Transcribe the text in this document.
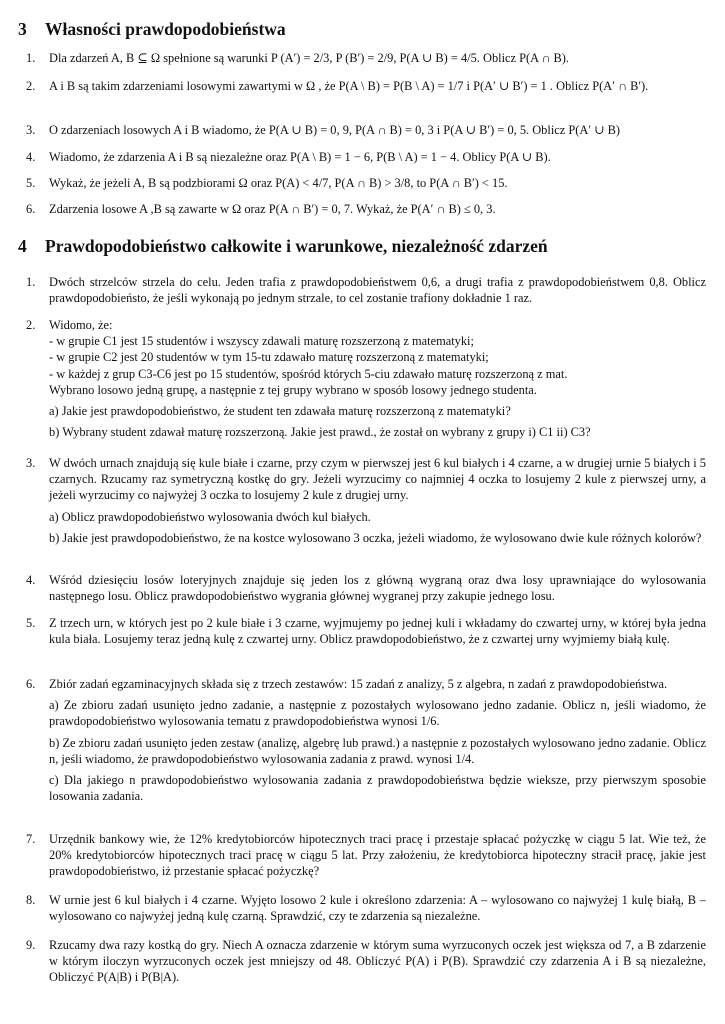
3 Własności prawdopodobieństwa
1.	Dla zdarzeń A, B ⊆ Ω spełnione są warunki P (A′) = 2/3, P (B′) = 2/9, P(A ∪ B) = 4/5. Oblicz P(A ∩ B).

2.	A i B są takim zdarzeniami losowymi zawartymi w Ω , że P(A \ B) = P(B \ A) = 1/7 i P(A′ ∪ B′) = 1 . Oblicz P(A′ ∩ B′).

3.	O zdarzeniach losowych A i B wiadomo, że P(A ∪ B) = 0, 9, P(A ∩ B) = 0, 3 i P(A ∪ B′) = 0, 5. Oblicz P(A′ ∪ B)

4.	Wiadomo, że zdarzenia A i B są niezależne oraz P(A \ B) = 1 − 6, P(B \ A) = 1 − 4. Oblicy P(A ∪ B).

5.	Wykaż, że jeżeli A, B są podzbiorami Ω oraz P(A) < 4/7, P(A ∩ B) > 3/8, to P(A ∩ B′) < 15.

6.	Zdarzenia losowe A ,B są zawarte w Ω oraz P(A ∩ B′) = 0, 7. Wykaż, że P(A′ ∩ B) ≤ 0, 3.

4 Prawdopodobieństwo całkowite i warunkowe, niezależność zdarzeń
1.	Dwóch strzelców strzela do celu. Jeden trafia z prawdopodobieństwem 0,6, a drugi trafia z prawdopodobieństwem 0,8. Oblicz prawdopodobieństo, że jeśli wykonają po jednym strzale, to cel zostanie trafiony dokładnie 1 raz.

2.	Widomo, że:
- w grupie C1 jest 15 studentów i wszyscy zdawali maturę rozszerzoną z matematyki;
- w grupie C2 jest 20 studentów w tym 15-tu zdawało maturę rozszerzoną z matematyki;
- w każdej z grup C3-C6 jest po 15 studentów, spośród których 5-ciu zdawało maturę rozszerzoną z mat.
Wybrano losowo jedną grupę, a następnie z tej grupy wybrano w sposób losowy jednego studenta.

a) Jakie jest prawdopodobieństwo, że student ten zdawała maturę rozszerzoną z matematyki?

b) Wybrany student zdawał maturę rozszerzoną. Jakie jest prawd., że został on wybrany z grupy i) C1 ii) C3?

3.	W dwóch urnach znajdują się kule białe i czarne, przy czym w pierwszej jest 6 kul białych i 4 czarne, a w drugiej urnie 5 białych i 5 czarnych. Rzucamy raz symetryczną kostkę do gry. Jeżeli wyrzucimy co najmniej 4 oczka to losujemy 2 kule z pierwszej urny, a jeżeli wyrzucimy co najwyżej 3 oczka to losujemy 2 kule z drugiej urny.

a) Oblicz prawdopodobieństwo wylosowania dwóch kul białych.

b) Jakie jest prawdopodobieństwo, że na kostce wylosowano 3 oczka, jeżeli wiadomo, że wylosowano dwie kule różnych kolorów?

4.	Wśród dziesięciu losów loteryjnych znajduje się jeden los z główną wygraną oraz dwa losy uprawniające do wylosowania następnego losu. Oblicz prawdopodobieństwo wygrania głównej wygranej przy zakupie jednego losu.

5.	Z trzech urn, w których jest po 2 kule białe i 3 czarne, wyjmujemy po jednej kuli i wkładamy do czwartej urny, w której była jedna kula biała. Losujemy teraz jedną kulę z czwartej urny. Oblicz prawdopodobieństwo, że z czwartej urny wyjmiemy białą kulę.

6.	Zbiór zadań egzaminacyjnych składa się z trzech zestawów: 15 zadań z analizy, 5 z algebra, n zadań z prawdopodobieństwa.

a) Ze zbioru zadań usunięto jedno zadanie, a następnie z pozostałych wylosowano jedno zadanie. Oblicz n, jeśli wiadomo, że prawdopodobieństwo wylosowania tematu z prawdopodobieństwa wynosi 1/6.

b) Ze zbioru zadań usunięto jeden zestaw (analizę, algebrę lub prawd.) a następnie z pozostałych wylosowano jedno zadanie. Oblicz n, jeśli wiadomo, że prawdopodobieństwo wylosowania zadania z prawd. wynosi 1/4.

c) Dla jakiego n prawdopodobieństwo wylosowania zadania z prawdopodobieństwa będzie wieksze, przy pierwszym sposobie losowania zadania.

7.	Urzędnik bankowy wie, że 12% kredytobiorców hipotecznych traci pracę i przestaje spłacać pożyczkę w ciągu 5 lat. Wie też, że 20% kredytobiorców hipotecznych traci pracę w ciągu 5 lat. Przy założeniu, że kredytobiorca hipoteczny stracił pracę, jakie jest prawdopodobieństwo, iż przestanie spłacać pożyczkę?

8.	W urnie jest 6 kul białych i 4 czarne. Wyjęto losowo 2 kule i określono zdarzenia: A – wylosowano co najwyżej 1 kulę białą, B – wylosowano co najwyżej jedną kulę czarną. Sprawdzić, czy te zdarzenia są niezależne.

9.	Rzucamy dwa razy kostką do gry. Niech A oznacza zdarzenie w którym suma wyrzuconych oczek jest większa od 7, a B zdarzenie w którym iloczyn wyrzuconych oczek jest mniejszy od 48. Obliczyć P(A) i P(B). Sprawdzić czy zdarzenia A i B są niezależne, Obliczyć P(A|B) i P(B|A).
